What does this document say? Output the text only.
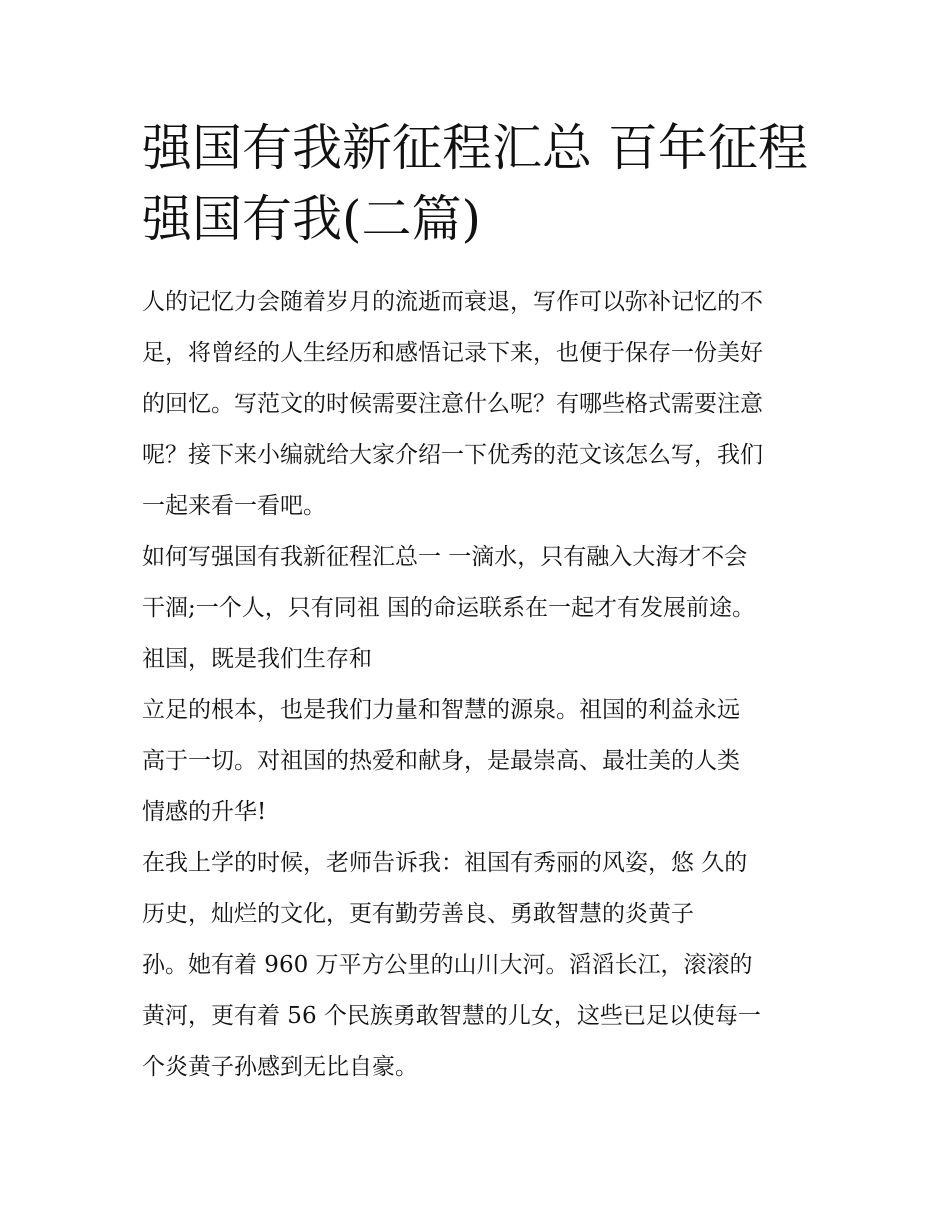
强国有我新征程汇总 百年征程
强国有我(二篇)
人的记忆力会随着岁月的流逝而衰退，写作可以弥补记忆的不
足，将曾经的人生经历和感悟记录下来，也便于保存一份美好
的回忆。写范文的时候需要注意什么呢？有哪些格式需要注意
呢？接下来小编就给大家介绍一下优秀的范文该怎么写，我们
一起来看一看吧。
如何写强国有我新征程汇总一 一滴水，只有融入大海才不会
干涸;一个人，只有同祖 国的命运联系在一起才有发展前途。
祖国，既是我们生存和
立足的根本，也是我们力量和智慧的源泉。祖国的利益永远
高于一切。对祖国的热爱和献身，是最崇高、最壮美的人类
情感的升华!
在我上学的时候，老师告诉我：祖国有秀丽的风姿，悠 久的
历史，灿烂的文化，更有勤劳善良、勇敢智慧的炎黄子
孙。她有着 960 万平方公里的山川大河。滔滔长江，滚滚的
黄河，更有着 56 个民族勇敢智慧的儿女，这些已足以使每一
个炎黄子孙感到无比自豪。
